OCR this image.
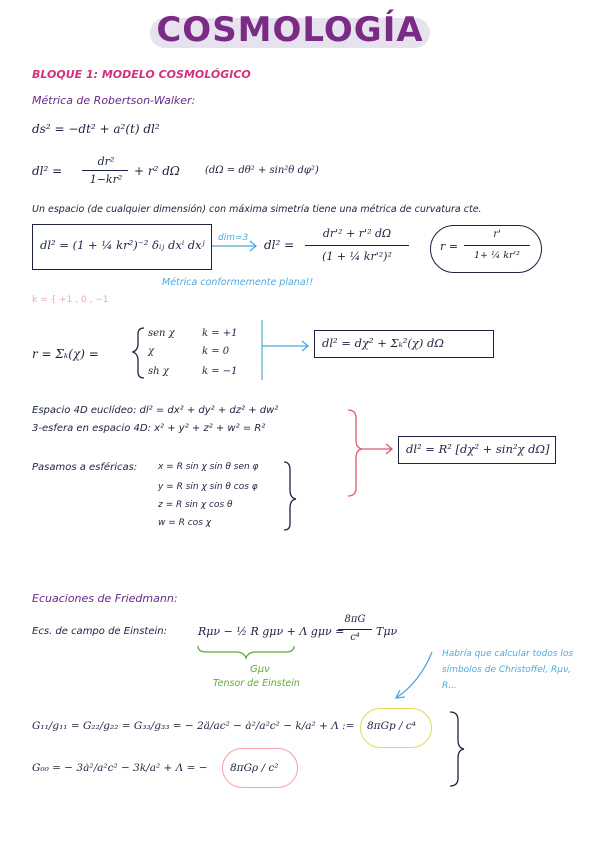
COSMOLOGÍA
BLOQUE 1: MODELO COSMOLÓGICO
Métrica de Robertson-Walker:
ds² = −dt² + a²(t) dl²
dl² =
dr²
1−kr²
+ r² dΩ	(dΩ = dθ² + sin²θ dφ²)
Un espacio (de cualquier dimensión) con máxima simetría tiene una métrica de curvatura cte.
dl² = (1 + ¼ kr²)⁻² δᵢⱼ dxⁱ dxʲ dim=3 dl² =
dr'² + r'² dΩ
(1 + ¼ kr'²)²
r =
r'
1+ ¼ kr'²
Métrica conformemente plana!!
k = { +1 , 0 , −1
r = Σₖ(χ) =
sen χ	k = +1
χ	k = 0
sh χ	k = −1
dl² = dχ² + Σₖ²(χ) dΩ
Espacio 4D euclídeo: dl² = dx² + dy² + dz² + dw²
3-esfera en espacio 4D: x² + y² + z² + w² = R²
Pasamos a esféricas: x = R sin χ sin θ sen φ
y = R sin χ sin θ cos φ
z = R sin χ cos θ
w = R cos χ
dl² = R² [dχ² + sin²χ dΩ]
Ecuaciones de Friedmann:
Ecs. de campo de Einstein:	Rμν − ½ R gμν + Λ gμν =
8πG
c⁴	Tμν
Gμν
Tensor de Einstein
Habría que calcular todos los símbolos de Christoffel, Rμν, R...
G₁₁/g₁₁ = G₂₂/g₂₂ = G₃₃/g₃₃ = − 2ä/ac² − ȧ²/a²c² − k/a² + Λ := 8πGp / c⁴
G₀₀ = − 3ȧ²/a²c² − 3k/a² + Λ = − 8πGρ / c²
